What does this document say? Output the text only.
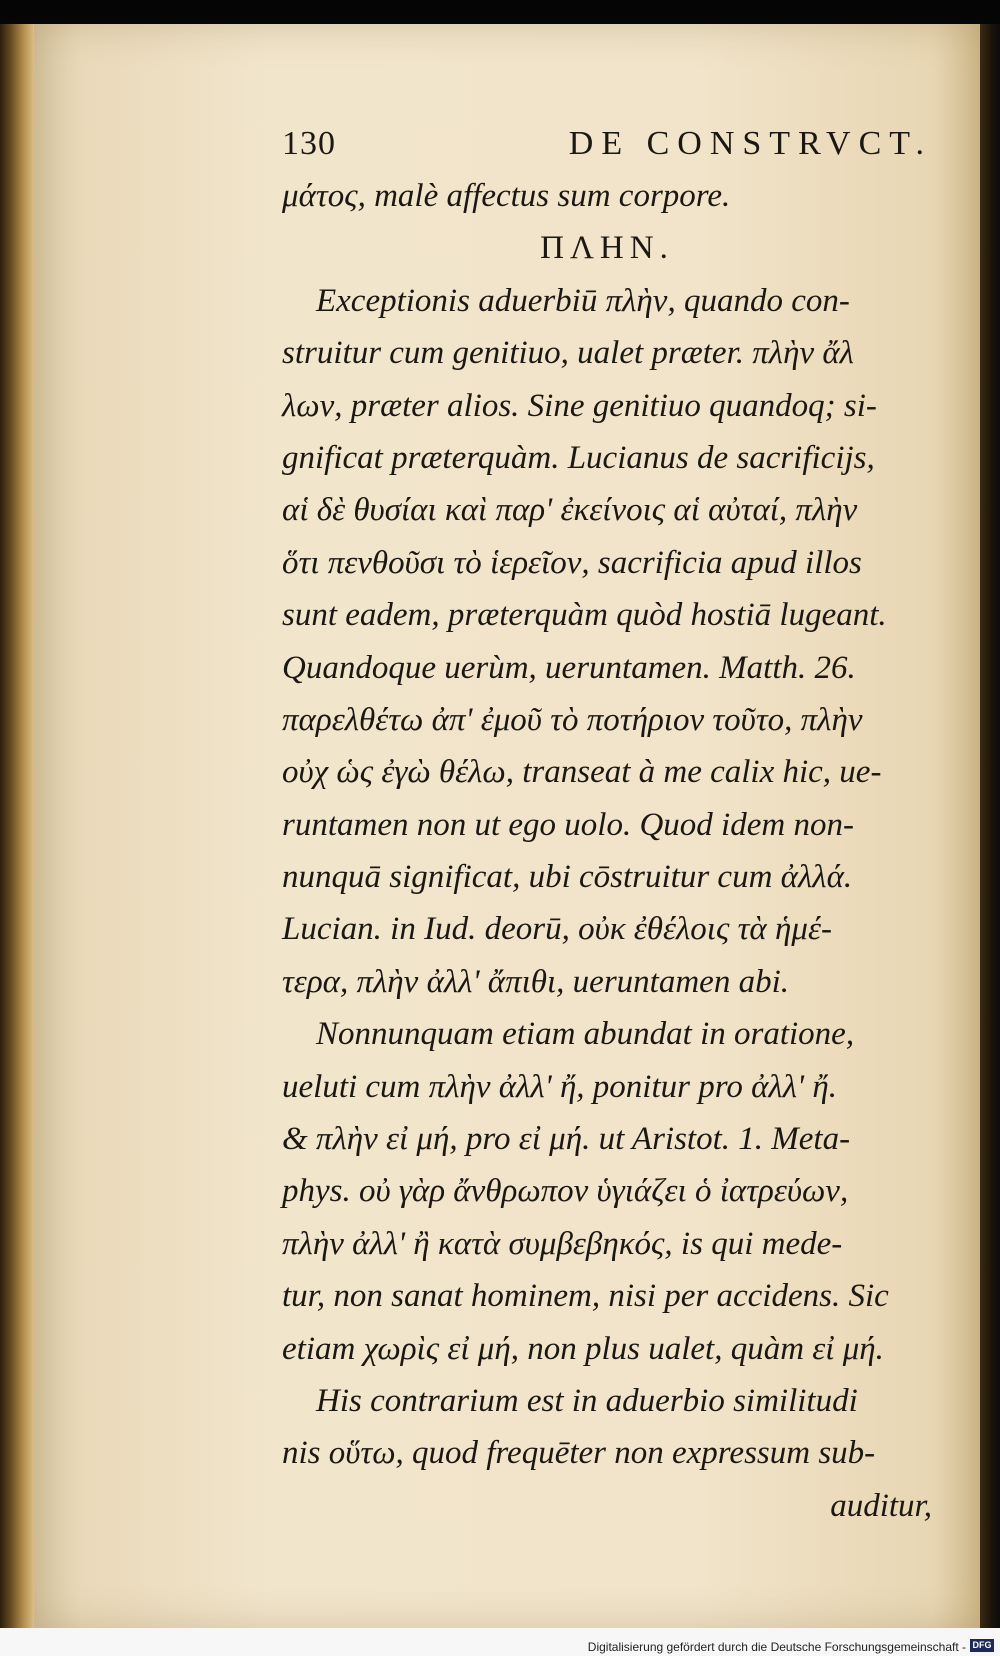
130	DE CONSTRVCT.
μάτος, malè affectus sum corpore.
ΠΛΗΝ.
Exceptionis aduerbiū πλὴν, quando con-
struitur cum genitiuo, ualet præter. πλὴν ἄλ
λων, præter alios. Sine genitiuo quandoq; si-
gnificat præterquàm. Lucianus de sacrificijs,
αἱ δὲ θυσίαι καὶ παρ' ἐκείνοις αἱ αὐταί, πλὴν
ὅτι πενθοῦσι τὸ ἱερεῖον, sacrificia apud illos
sunt eadem, præterquàm quòd hostiā lugeant.
Quandoque uerùm, ueruntamen. Matth. 26.
παρελθέτω ἀπ' ἐμοῦ τὸ ποτήριον τοῦτο, πλὴν
οὐχ ὡς ἐγὼ θέλω, transeat à me calix hic, ue-
runtamen non ut ego uolo. Quod idem non-
nunquā significat, ubi cōstruitur cum ἀλλά.
Lucian. in Iud. deorū, οὐκ ἐθέλοις τὰ ἡμέ-
τερα, πλὴν ἀλλ' ἄπιθι, ueruntamen abi.
Nonnunquam etiam abundat in oratione,
ueluti cum πλὴν ἀλλ' ἤ, ponitur pro ἀλλ' ἤ.
& πλὴν εἰ μή, pro εἰ μή. ut Aristot. 1. Meta-
phys. οὐ γὰρ ἄνθρωπον ὑγιάζει ὁ ἰατρεύων,
πλὴν ἀλλ' ἢ κατὰ συμβεβηκός, is qui mede-
tur, non sanat hominem, nisi per accidens. Sic
etiam χωρὶς εἰ μή, non plus ualet, quàm εἰ μή.
His contrarium est in aduerbio similitudi
nis οὕτω, quod frequēter non expressum sub-
auditur,
Digitalisierung gefördert durch die Deutsche Forschungsgemeinschaft - DFG
